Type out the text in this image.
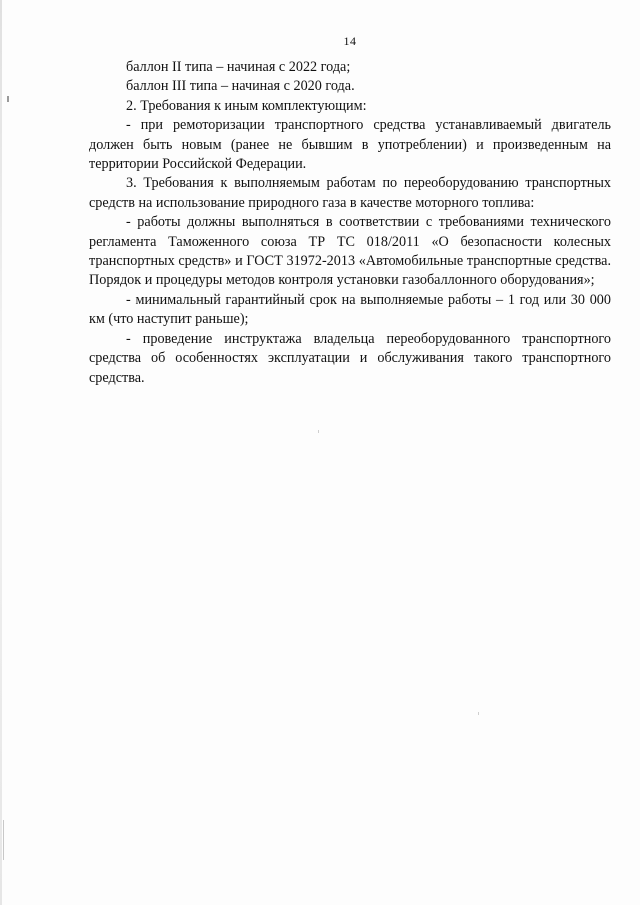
14

баллон II типа – начиная с 2022 года;

баллон III типа – начиная с 2020 года.

2. Требования к иным комплектующим:

- при ремоторизации транспортного средства устанавливаемый двигатель должен быть новым (ранее не бывшим в употреблении) и произведенным на территории Российской Федерации.

3. Требования к выполняемым работам по переоборудованию транспортных средств на использование природного газа в качестве моторного топлива:

- работы должны выполняться в соответствии с требованиями технического регламента Таможенного союза ТР ТС 018/2011 «О безопасности колесных транспортных средств» и ГОСТ 31972-2013 «Автомобильные транспортные средства. Порядок и процедуры методов контроля установки газобаллонного оборудования»;

- минимальный гарантийный срок на выполняемые работы – 1 год или 30 000 км (что наступит раньше);

- проведение инструктажа владельца переоборудованного транспортного средства об особенностях эксплуатации и обслуживания такого транспортного средства.
